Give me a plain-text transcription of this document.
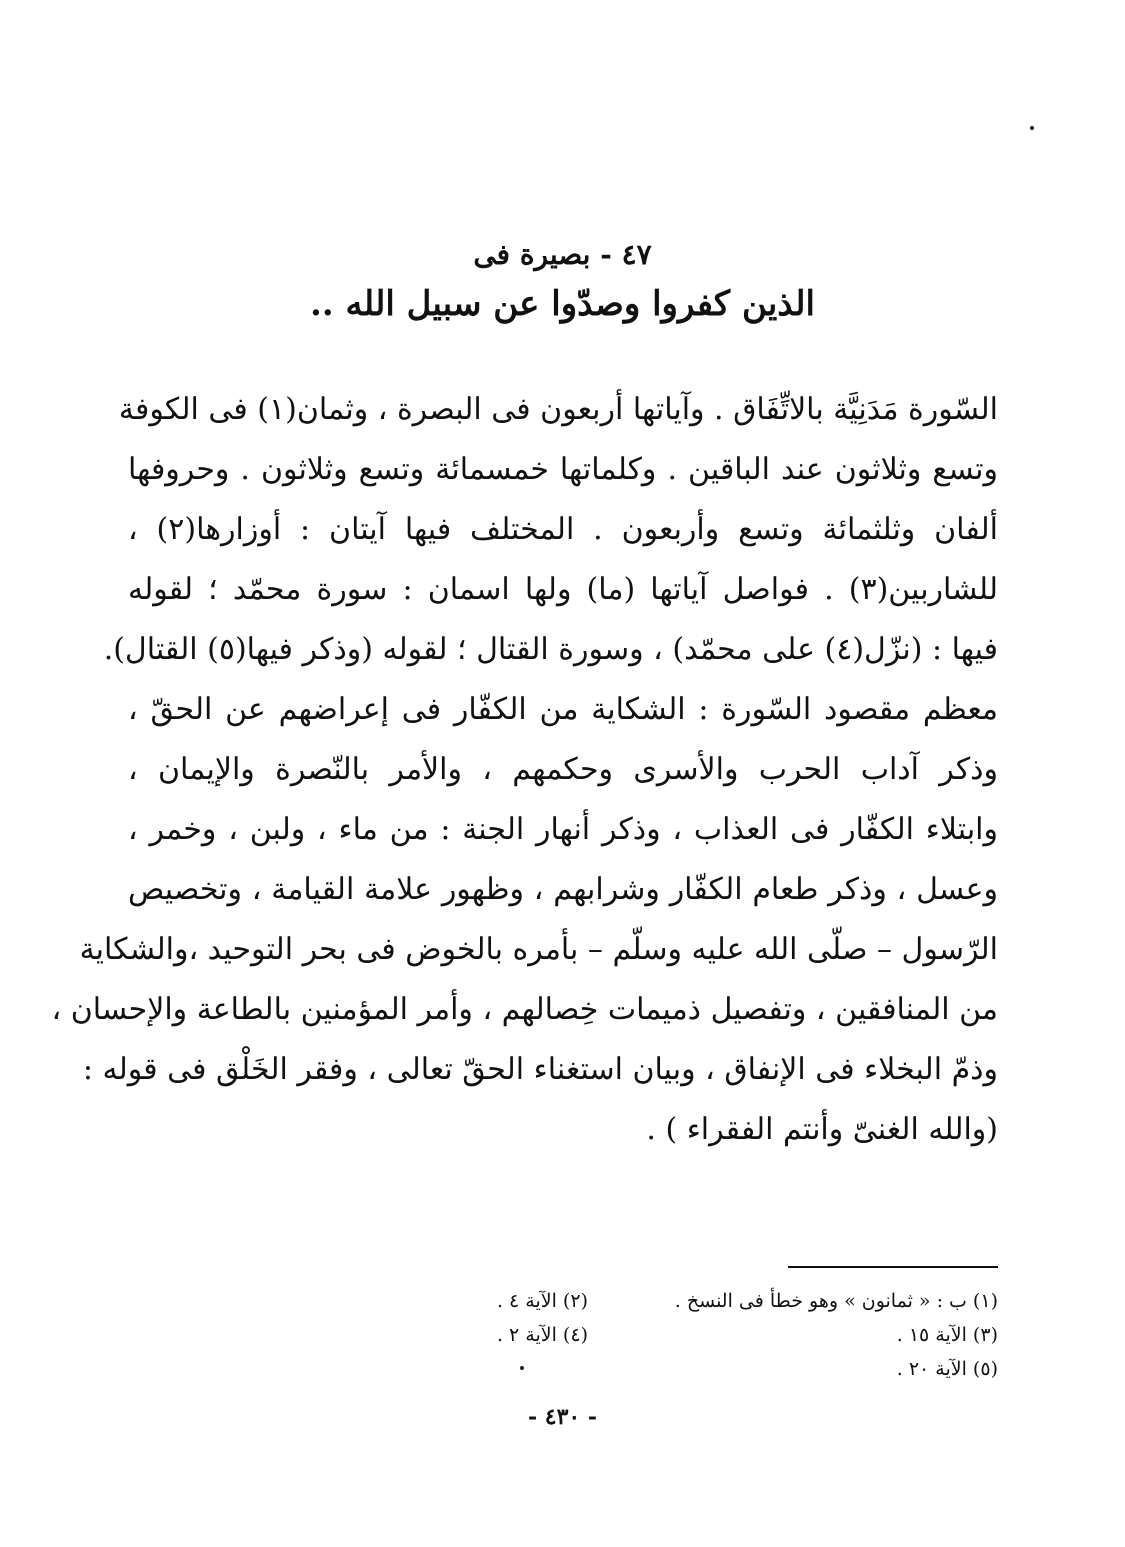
٤٧ - بصيرة فى
الذين كفروا وصدّوا عن سبيل الله ..
السّورة مَدَنِيَّة بالاتِّفَاق . وآياتها أربعون فى البصرة ، وثمان(١) فى الكوفة
وتسع وثلاثون عند الباقين . وكلماتها خمسمائة وتسع وثلاثون . وحروفها
ألفان وثلثمائة وتسع وأربعون . المختلف فيها آيتان : أوزارها(٢) ،
للشاربين(٣) . فواصل آياتها (ما) ولها اسمان : سورة محمّد ؛ لقوله
فيها : (نزّل(٤) على محمّد) ، وسورة القتال ؛ لقوله (وذكر فيها(٥) القتال).
معظم مقصود السّورة : الشكاية من الكفّار فى إعراضهم عن الحقّ ،
وذكر آداب الحرب والأسرى وحكمهم ، والأمر بالنّصرة والإيمان ،
وابتلاء الكفّار فى العذاب ، وذكر أنهار الجنة : من ماء ، ولبن ، وخمر ،
وعسل ، وذكر طعام الكفّار وشرابهم ، وظهور علامة القيامة ، وتخصيص
الرّسول – صلّى الله عليه وسلّم – بأمره بالخوض فى بحر التوحيد ،والشكاية
من المنافقين ، وتفصيل ذميمات خِصالهم ، وأمر المؤمنين بالطاعة والإحسان ،
وذمّ البخلاء فى الإنفاق ، وبيان استغناء الحقّ تعالى ، وفقر الخَلْق فى قوله :
(والله الغنىّ وأنتم الفقراء ) .
(١) ب : « ثمانون » وهو خطأ فى النسخ .
(٢) الآية ٤ .
(٣) الآية ١٥ .
(٤) الآية ٢ .
(٥) الآية ٢٠ .
- ٤٣٠ -
